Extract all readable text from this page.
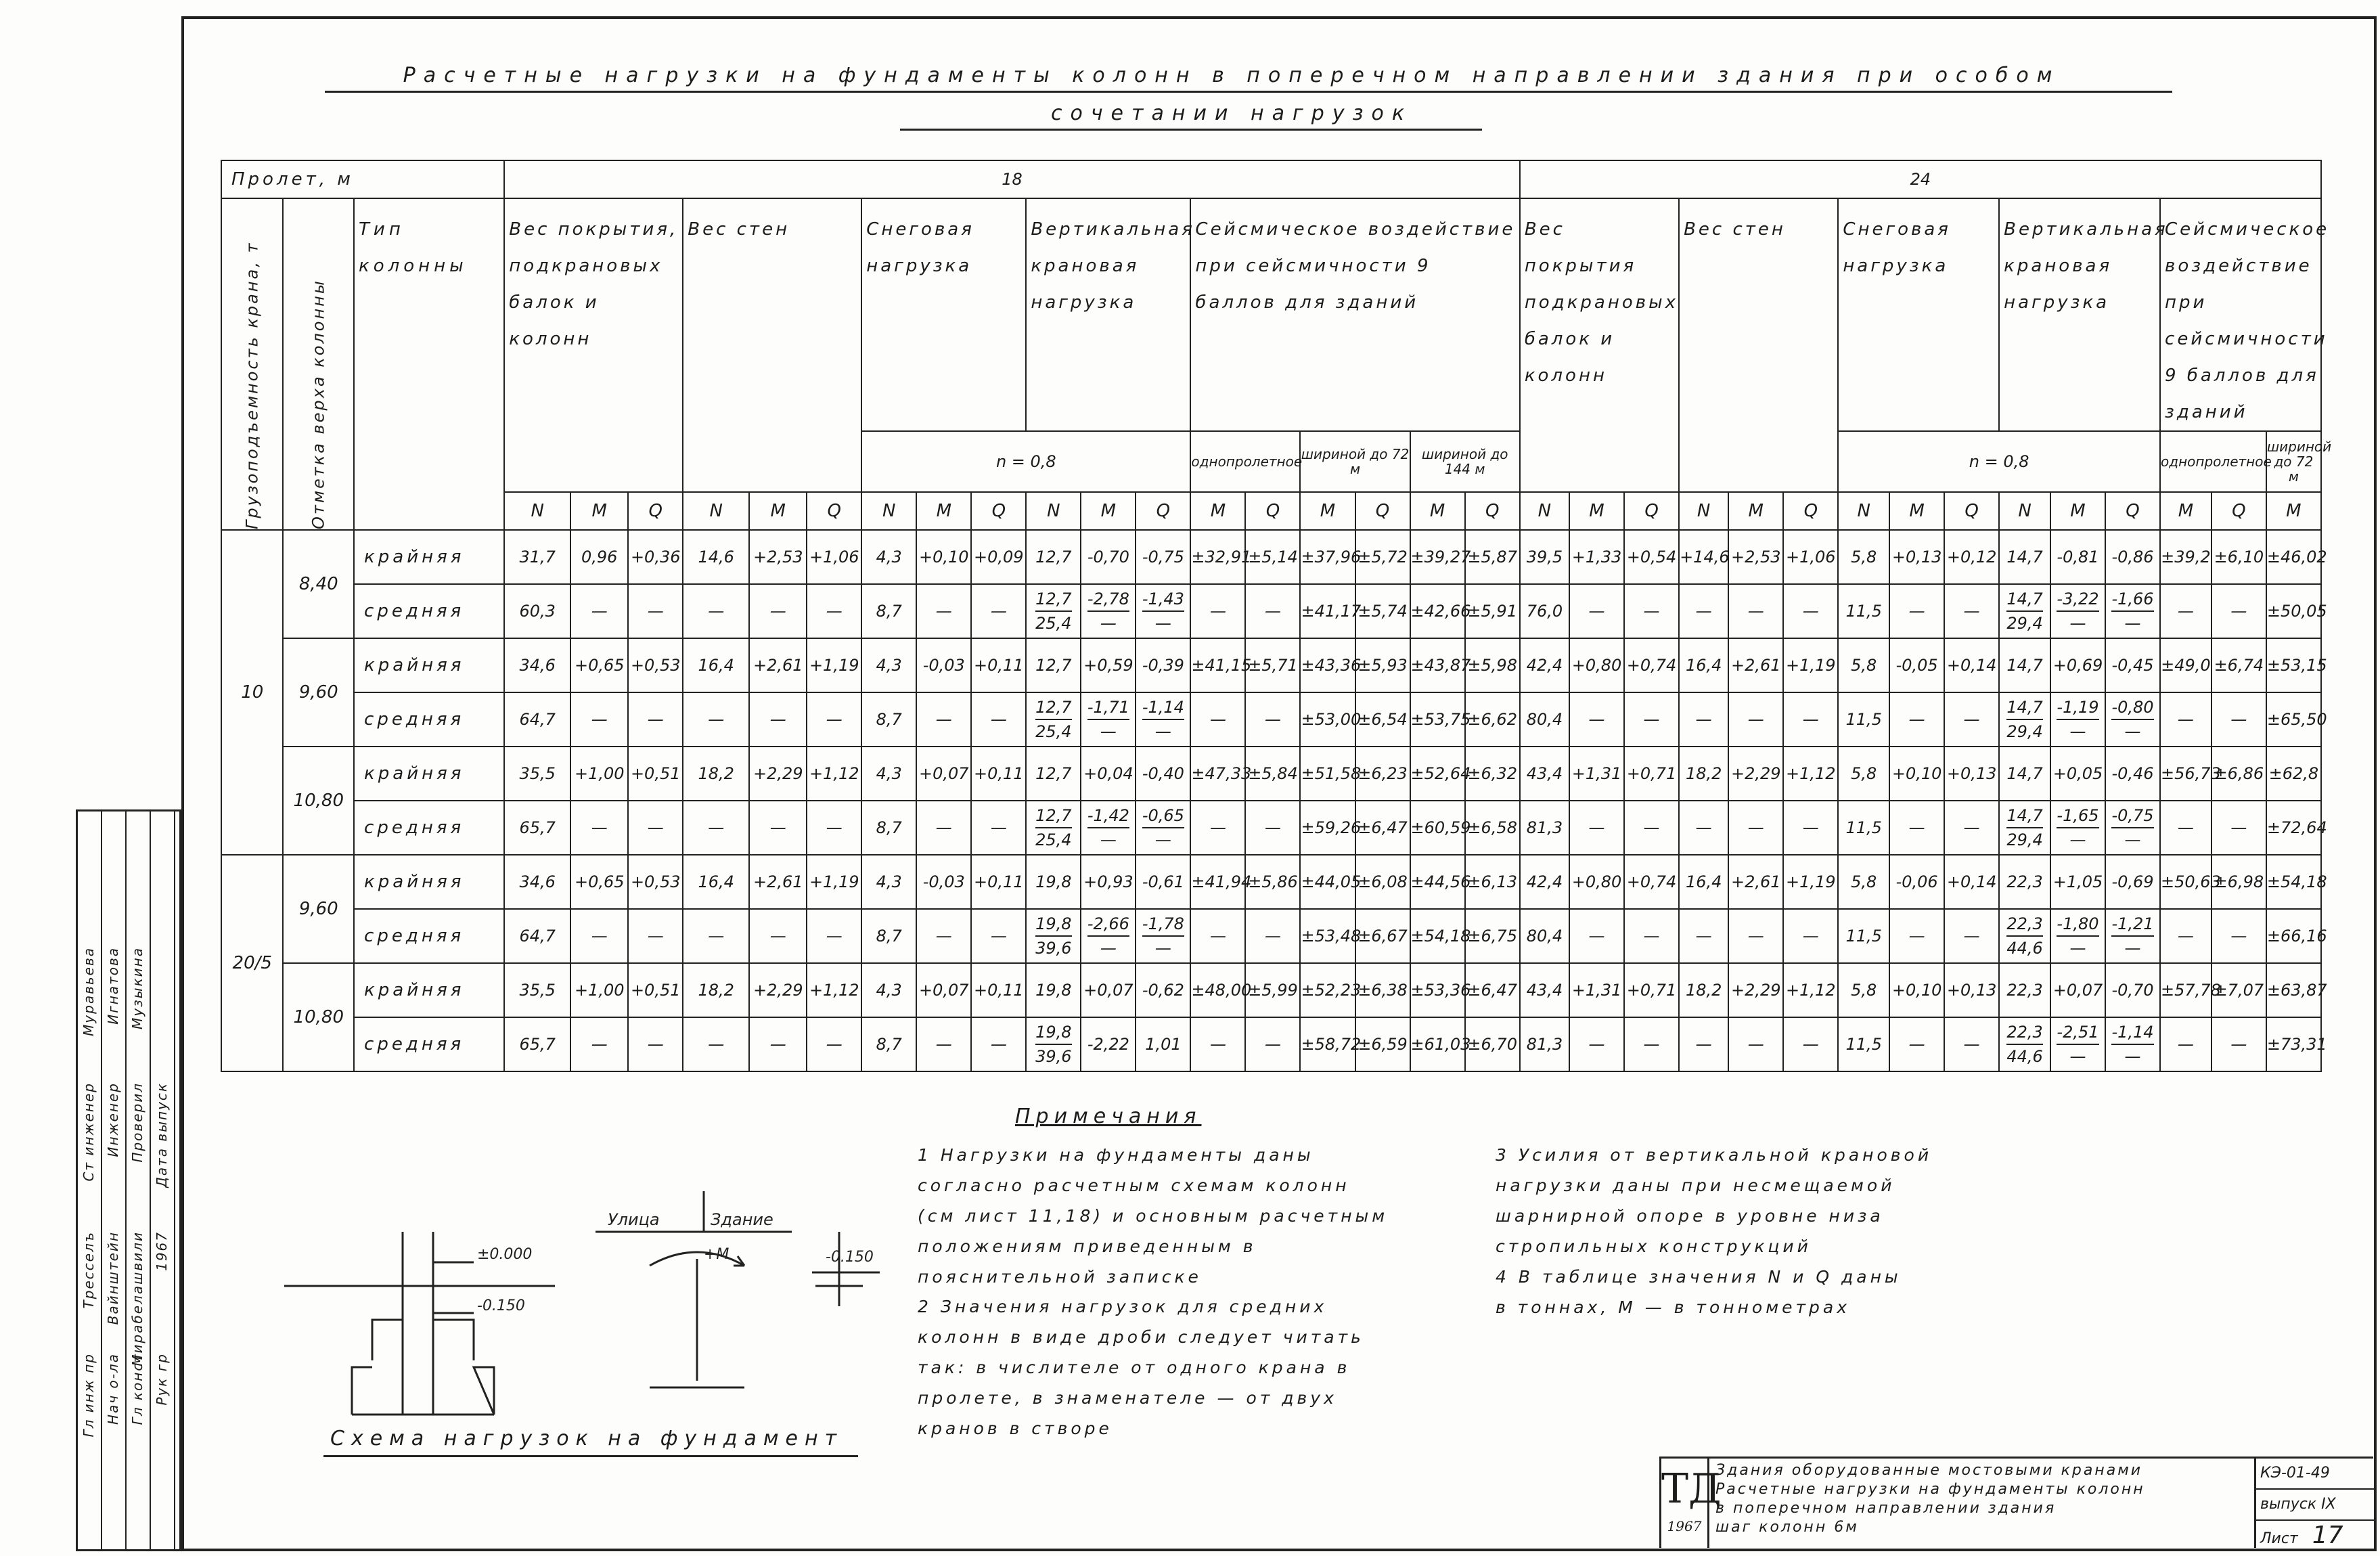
Расчетные нагрузки на фундаменты колонн в поперечном направлении здания при особом
сочетании нагрузок
Пролет, м			18																		24															
Грузоподъемность крана, т	Отметка верха колонны	Тип колонны	Вес покрытия, подкрановых балок и колонн			Вес стен			Снеговая нагрузка			Вертикальная крановая нагрузка			Сейсмическое воздействие при сейсмичности 9 баллов для зданий						Вес покрытия подкрановых балок и колонн			Вес стен			Снеговая нагрузка			Вертикальная крановая нагрузка			Сейсмическое воздействие при сейсмичности 9 баллов для зданий			
									n = 0,8						однопролетное		шириной до 72 м		шириной до 144 м								n = 0,8						однопролетное		шириной до 72 м	
			N	M	Q	N	M	Q	N	M	Q	N	M	Q	M	Q	M	Q	M	Q	N	M	Q	N	M	Q	N	M	Q	N	M	Q	M	Q	M			
10	8,40	крайняя	31,7	0,96	+0,36	14,6	+2,53	+1,06	4,3	+0,10	+0,09	12,7	-0,70	-0,75	±32,91	±5,14	±37,96	±5,72	±39,27	±5,87	39,5	+1,33	+0,54	+14,6	+2,53	+1,06	5,8	+0,13	+0,12	14,7	-0,81	-0,86	±39,2	±6,10	±46,02			
		средняя	60,3	—	—	—	—	—	8,7	—	—	$\frac{12,7}{25,4}$	$\frac{-2,78}{—}$	$\frac{-1,43}{—}$	—	—	±41,17	±5,74	±42,66	±5,91	76,0	—	—	—	—	—	11,5	—	—	$\frac{14,7}{29,4}$	$\frac{-3,22}{—}$	$\frac{-1,66}{—}$	—	—	±50,05			
	9,60	крайняя	34,6	+0,65	+0,53	16,4	+2,61	+1,19	4,3	-0,03	+0,11	12,7	+0,59	-0,39	±41,15	±5,71	±43,36	±5,93	±43,87	±5,98	42,4	+0,80	+0,74	16,4	+2,61	+1,19	5,8	-0,05	+0,14	14,7	+0,69	-0,45	±49,0	±6,74	±53,15			
		средняя	64,7	—	—	—	—	—	8,7	—	—	$\frac{12,7}{25,4}$	$\frac{-1,71}{—}$	$\frac{-1,14}{—}$	—	—	±53,00	±6,54	±53,75	±6,62	80,4	—	—	—	—	—	11,5	—	—	$\frac{14,7}{29,4}$	$\frac{-1,19}{—}$	$\frac{-0,80}{—}$	—	—	±65,50			
	10,80	крайняя	35,5	+1,00	+0,51	18,2	+2,29	+1,12	4,3	+0,07	+0,11	12,7	+0,04	-0,40	±47,33	±5,84	±51,58	±6,23	±52,64	±6,32	43,4	+1,31	+0,71	18,2	+2,29	+1,12	5,8	+0,10	+0,13	14,7	+0,05	-0,46	±56,73	±6,86	±62,8			
		средняя	65,7	—	—	—	—	—	8,7	—	—	$\frac{12,7}{25,4}$	$\frac{-1,42}{—}$	$\frac{-0,65}{—}$	—	—	±59,26	±6,47	±60,59	±6,58	81,3	—	—	—	—	—	11,5	—	—	$\frac{14,7}{29,4}$	$\frac{-1,65}{—}$	$\frac{-0,75}{—}$	—	—	±72,64			
20/5	9,60	крайняя	34,6	+0,65	+0,53	16,4	+2,61	+1,19	4,3	-0,03	+0,11	19,8	+0,93	-0,61	±41,94	±5,86	±44,05	±6,08	±44,56	±6,13	42,4	+0,80	+0,74	16,4	+2,61	+1,19	5,8	-0,06	+0,14	22,3	+1,05	-0,69	±50,63	±6,98	±54,18			
		средняя	64,7	—	—	—	—	—	8,7	—	—	$\frac{19,8}{39,6}$	$\frac{-2,66}{—}$	$\frac{-1,78}{—}$	—	—	±53,48	±6,67	±54,18	±6,75	80,4	—	—	—	—	—	11,5	—	—	$\frac{22,3}{44,6}$	$\frac{-1,80}{—}$	$\frac{-1,21}{—}$	—	—	±66,16			
	10,80	крайняя	35,5	+1,00	+0,51	18,2	+2,29	+1,12	4,3	+0,07	+0,11	19,8	+0,07	-0,62	±48,00	±5,99	±52,23	±6,38	±53,36	±6,47	43,4	+1,31	+0,71	18,2	+2,29	+1,12	5,8	+0,10	+0,13	22,3	+0,07	-0,70	±57,78	±7,07	±63,87			
		средняя	65,7	—	—	—	—	—	8,7	—	—	$\frac{19,8}{39,6}$	-2,22	1,01	—	—	±58,72	±6,59	±61,03	±6,70	81,3	—	—	—	—	—	11,5	—	—	$\frac{22,3}{44,6}$	$\frac{-2,51}{—}$	$\frac{-1,14}{—}$	—	—	±73,31			
Примечания
1 Нагрузки на фундаменты даны
согласно расчетным схемам колонн
(см лист 11,18) и основным расчетным
положениям приведенным в
пояснительной записке
2 Значения нагрузок для средних
колонн в виде дроби следует читать
так: в числителе от одного крана в
пролете, в знаменателе — от двух
кранов в створе
3 Усилия от вертикальной крановой
нагрузки даны при несмещаемой
шарнирной опоре в уровне низа
стропильных конструкций
4 В таблице значения N и Q даны
в тоннах, M — в тоннометрах
±0.000
-0.150
Улица	Здание
+M	-0.150
Схема нагрузок на фундамент
ТД
1967
Здания оборудованные мостовыми кранами
Расчетные нагрузки на фундаменты колонн
в поперечном направлении здания
шаг колонн 6м
КЭ-01-49
выпуск IX
Лист 17
Гл инж пр Нач о-ла Гл конст Рук гр
Тресселъ Вайнштейн Мирабелашвили 1967
Ст инженер Инженер Проверил
Муравьева Игнатова Музыкина
Дата выпуск
